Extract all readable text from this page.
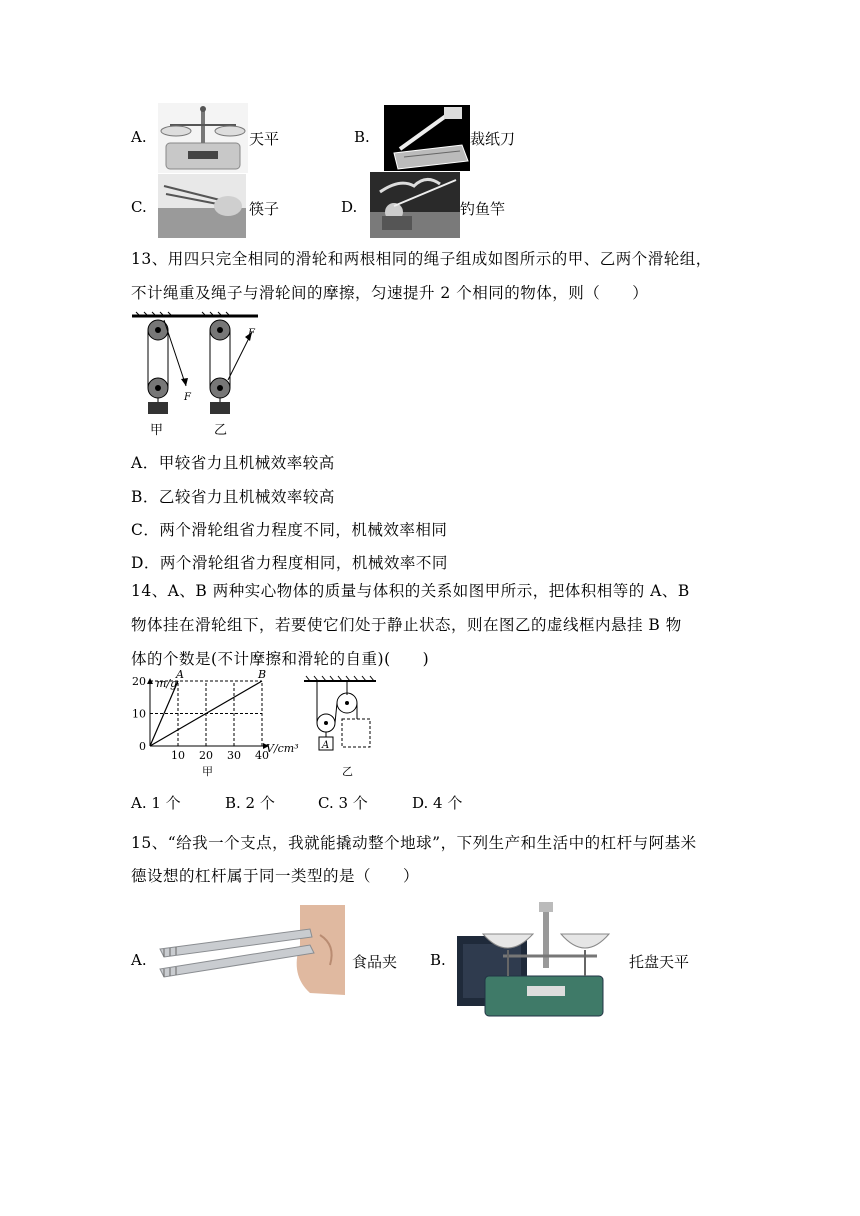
A.	天平	B.	裁纸刀
C.	筷子	D.	钓鱼竿
13、用四只完全相同的滑轮和两根相同的绳子组成如图所示的甲、乙两个滑轮组，
不计绳重及绳子与滑轮间的摩擦，匀速提升 2 个相同的物体，则（　　）
F
F
甲	乙
A．甲较省力且机械效率较高
B．乙较省力且机械效率较高
C．两个滑轮组省力程度不同，机械效率相同
D．两个滑轮组省力程度相同，机械效率不同
14、A、B 两种实心物体的质量与体积的关系如图甲所示，把体积相等的 A、B
物体挂在滑轮组下，若要使它们处于静止状态，则在图乙的虚线框内悬挂 B 物
体的个数是(不计摩擦和滑轮的自重)(　　)
0
10
20
10 20 30 40
m/g
V/cm³
A	B
甲
A
乙
A. 1 个	B. 2 个	C. 3 个	D. 4 个
15、“给我一个支点，我就能撬动整个地球”，下列生产和生活中的杠杆与阿基米
德设想的杠杆属于同一类型的是（　　）
A.	食品夹 B.	托盘天平
